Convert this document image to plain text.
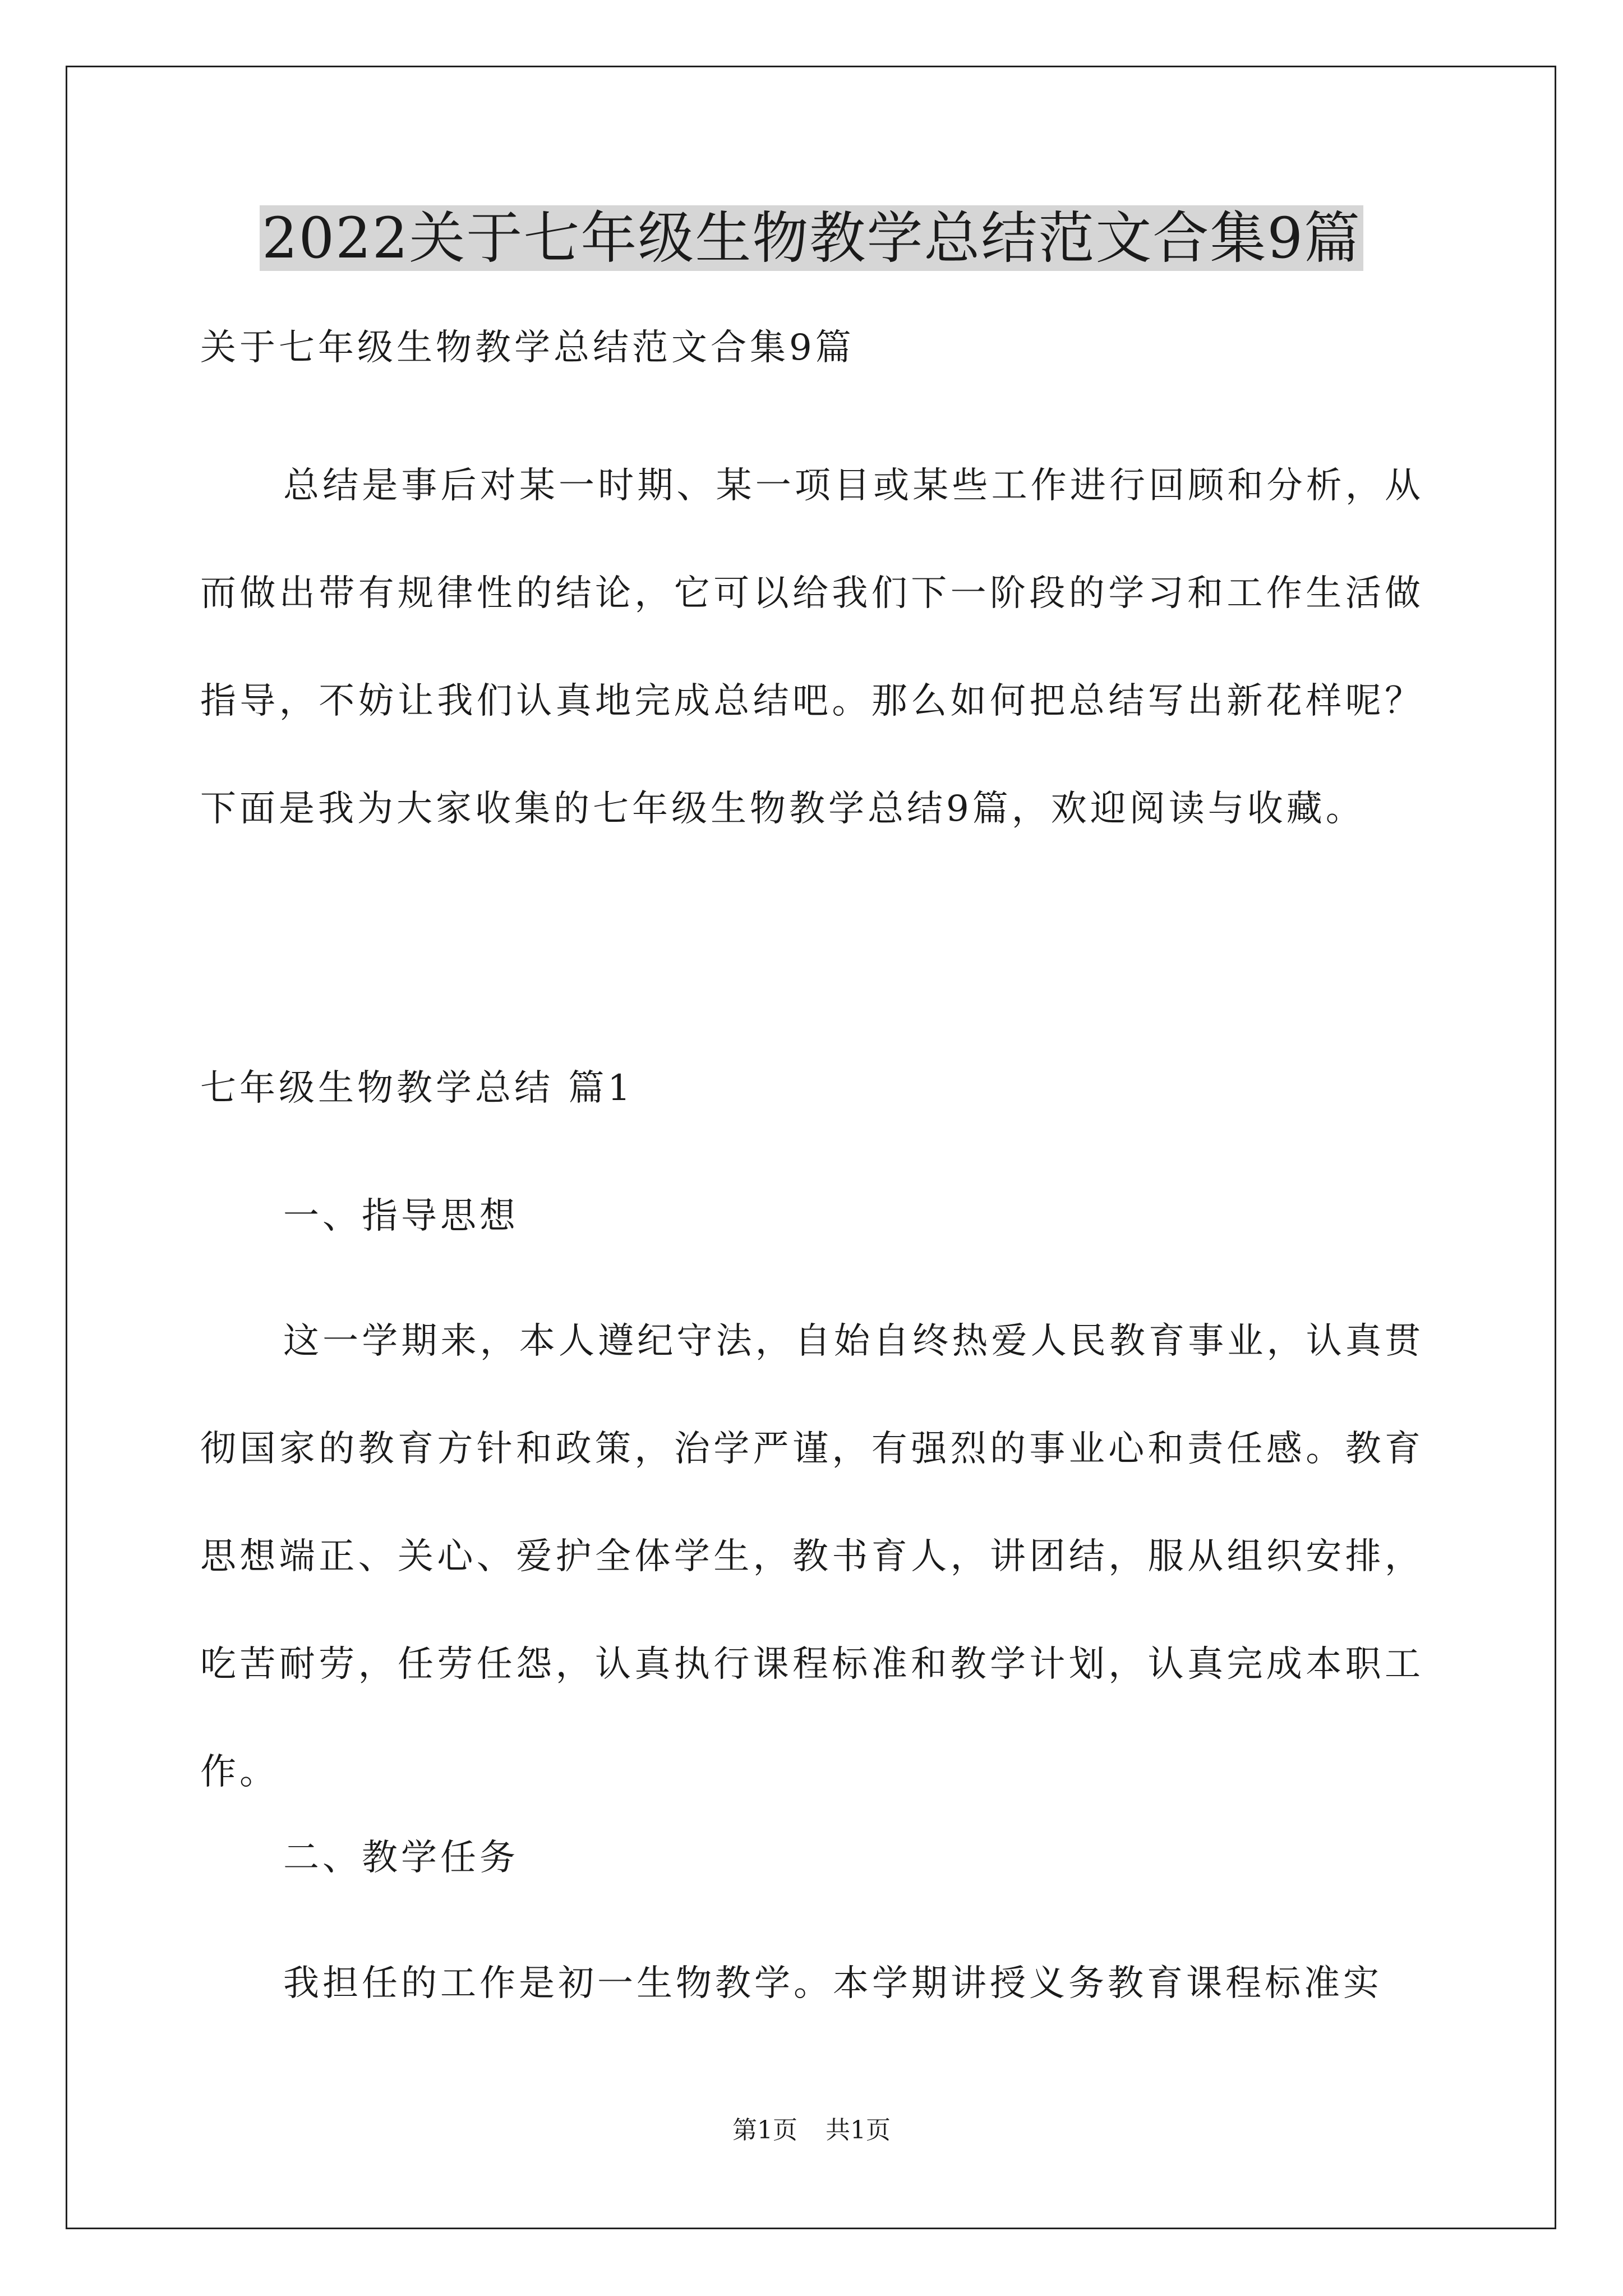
2022关于七年级生物教学总结范文合集9篇
关于七年级生物教学总结范文合集9篇
总结是事后对某一时期、某一项目或某些工作进行回顾和分析，从而做出带有规律性的结论，它可以给我们下一阶段的学习和工作生活做指导，不妨让我们认真地完成总结吧。那么如何把总结写出新花样呢？下面是我为大家收集的七年级生物教学总结9篇，欢迎阅读与收藏。
七年级生物教学总结 篇1
一、指导思想
这一学期来，本人遵纪守法，自始自终热爱人民教育事业，认真贯彻国家的教育方针和政策，治学严谨，有强烈的事业心和责任感。教育思想端正、关心、爱护全体学生，教书育人，讲团结，服从组织安排，吃苦耐劳，任劳任怨，认真执行课程标准和教学计划，认真完成本职工作。
二、教学任务
我担任的工作是初一生物教学。本学期讲授义务教育课程标准实
第1页 共1页
